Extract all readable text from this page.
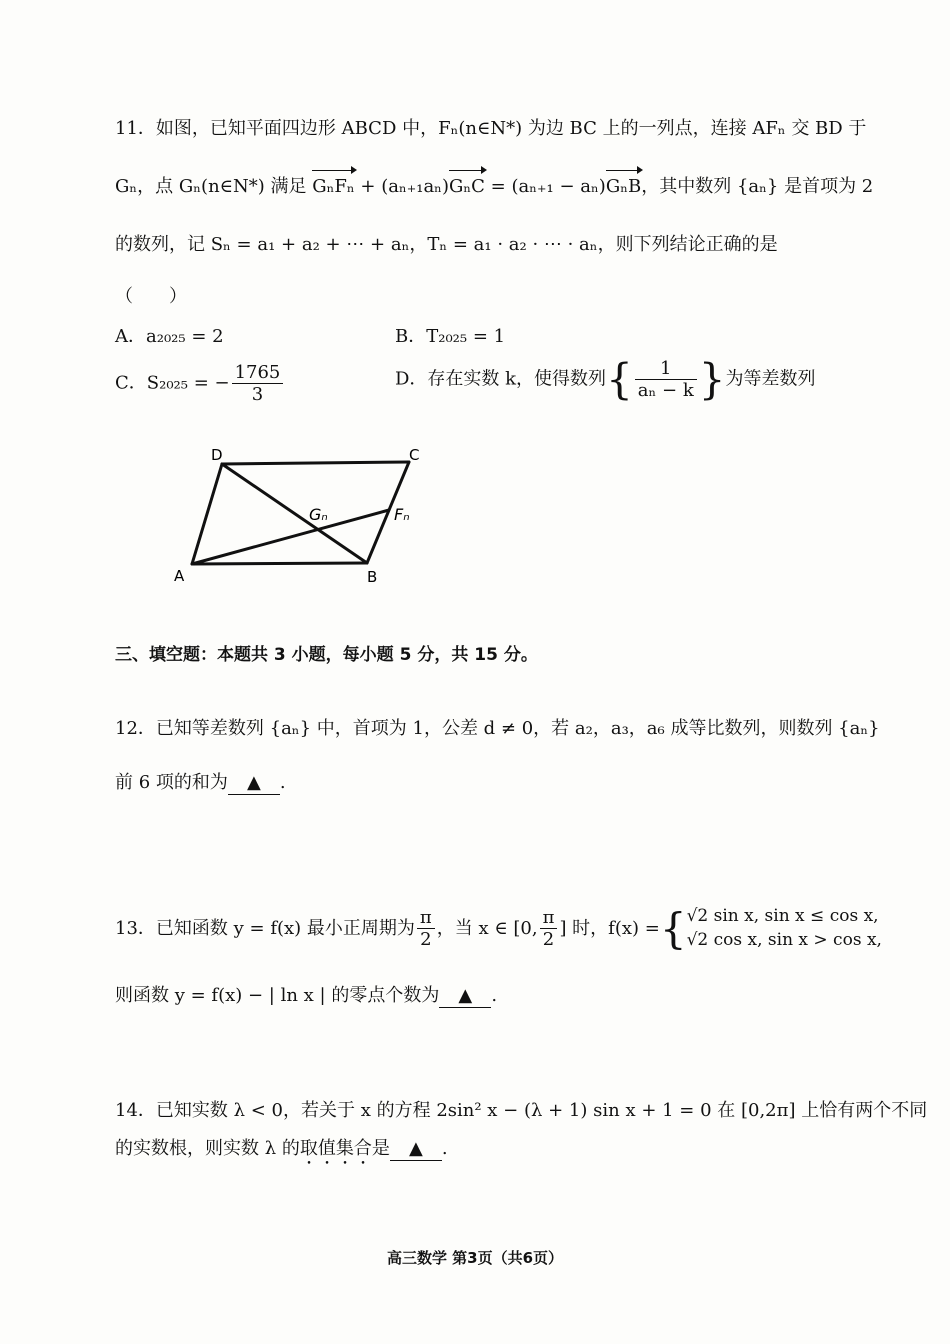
11．如图，已知平面四边形 ABCD 中，Fₙ(n∈N*) 为边 BC 上的一列点，连接 AFₙ 交 BD 于
Gₙ，点 Gₙ(n∈N*) 满足 GₙFₙ + (aₙ₊₁aₙ)GₙC = (aₙ₊₁ − aₙ)GₙB，其中数列 {aₙ} 是首项为 2
的数列，记 Sₙ = a₁ + a₂ + ⋯ + aₙ，Tₙ = a₁ · a₂ · ⋯ · aₙ，则下列结论正确的是
（　　）
A．a₂₀₂₅ = 2	B．T₂₀₂₅ = 1
C．S₂₀₂₅ = − $\frac{1765}{3}$	D．存在实数 k，使得数列{ $\frac{1}{\text{aₙ − k}}$ }为等差数列
D	C
A	B
Gₙ	Fₙ
三、填空题：本题共 3 小题，每小题 5 分，共 15 分。
12．已知等差数列 {aₙ} 中，首项为 1，公差 d ≠ 0，若 a₂，a₃，a₆ 成等比数列，则数列 {aₙ}
前 6 项的和为 ▲ .
13．已知函数 y = f(x) 最小正周期为 $\frac{\pi}{2}$ ，当 x ∈ [0, $\frac{\pi}{2}$ ] 时，f(x) ={ √2 sin x, sin x ≤ cos x,
√2 cos x, sin x > cos x,
则函数 y = f(x) − | ln x | 的零点个数为 ▲ .
14．已知实数 λ < 0，若关于 x 的方程 2sin² x − (λ + 1) sin x + 1 = 0 在 [0,2π] 上恰有两个不同
的实数根，则实数 λ 的取值集合是 ▲ .
高三数学 第3页（共6页）
